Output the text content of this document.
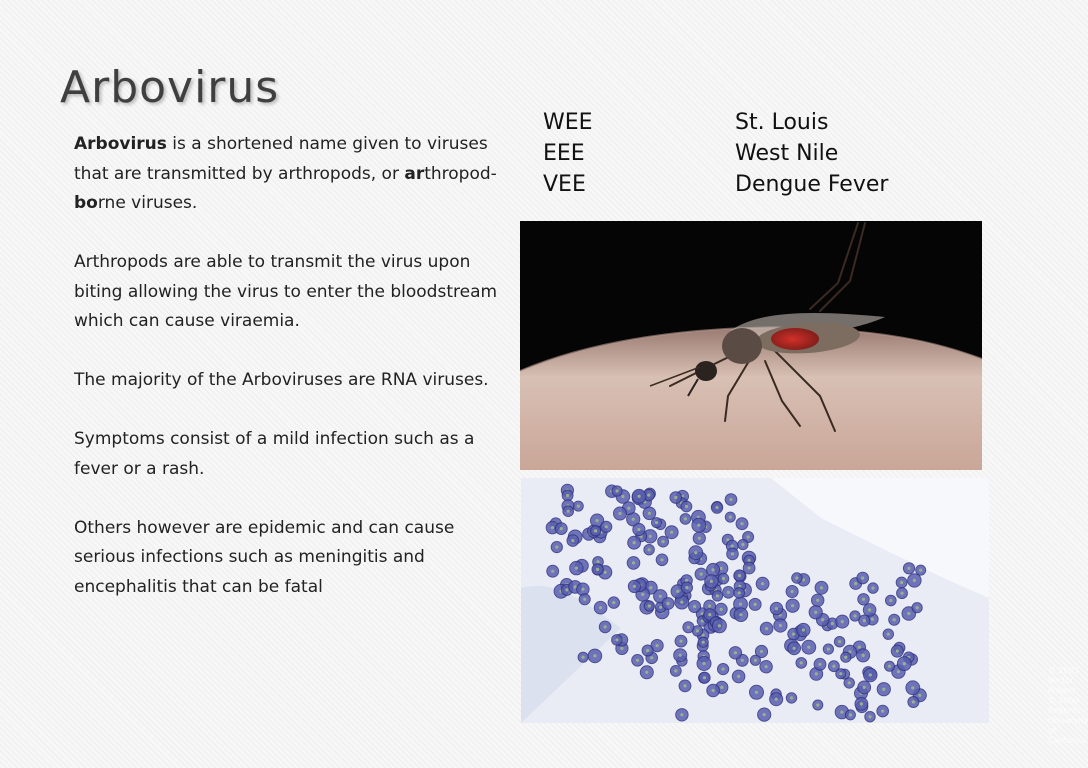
Arbovirus

Arbovirus is a shortened name given to viruses that are transmitted by arthropods, or arthropod-borne viruses.

Arthropods are able to transmit the virus upon biting allowing the virus to enter the bloodstream which can cause viraemia.

The majority of the Arboviruses are RNA viruses.

Symptoms consist of a mild infection such as a fever or a rash.

Others however are epidemic and can cause serious infections such as meningitis and encephalitis that can be fatal

WEE	St. Louis
EEE	West Nile
VEE	Dengue Fever
© 2003 Vector Project
© 2000 Regents - University of California
